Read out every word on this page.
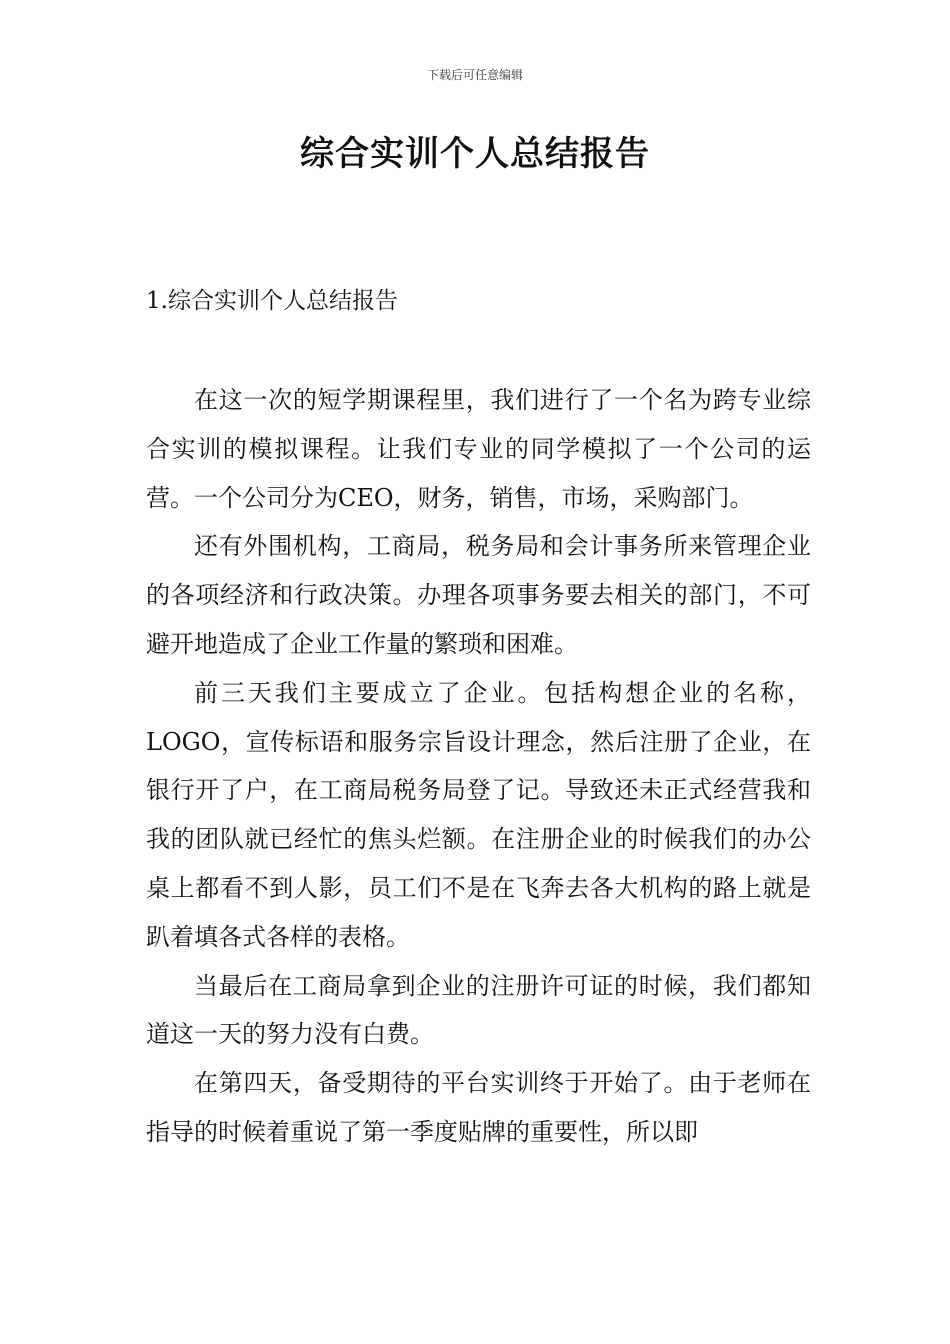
下载后可任意编辑
综合实训个人总结报告
1.综合实训个人总结报告

在这一次的短学期课程里，我们进行了一个名为跨专业综合实训的模拟课程。让我们专业的同学模拟了一个公司的运营。一个公司分为CEO，财务，销售，市场，采购部门。

还有外围机构，工商局，税务局和会计事务所来管理企业的各项经济和行政决策。办理各项事务要去相关的部门，不可避开地造成了企业工作量的繁琐和困难。

前三天我们主要成立了企业。包括构想企业的名称，LOGO，宣传标语和服务宗旨设计理念，然后注册了企业，在银行开了户，在工商局税务局登了记。导致还未正式经营我和我的团队就已经忙的焦头烂额。在注册企业的时候我们的办公桌上都看不到人影，员工们不是在飞奔去各大机构的路上就是趴着填各式各样的表格。

当最后在工商局拿到企业的注册许可证的时候，我们都知道这一天的努力没有白费。

在第四天，备受期待的平台实训终于开始了。由于老师在指导的时候着重说了第一季度贴牌的重要性，所以即
